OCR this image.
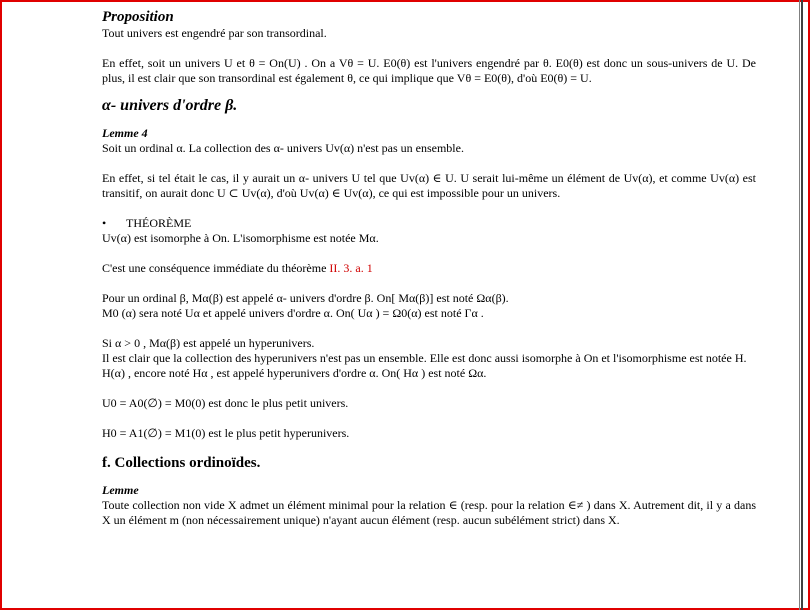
Proposition

Tout univers est engendré par son transordinal.

En effet, soit un univers U et θ = On(U) . On a Vθ = U. E0(θ) est l'univers engendré par θ. E0(θ) est donc un sous-univers de U. De plus, il est clair que son transordinal est également θ, ce qui implique que Vθ = E0(θ), d'où E0(θ) = U.

α- univers d'ordre β.

Lemme 4

Soit un ordinal α. La collection des α- univers Uv(α) n'est pas un ensemble.

En effet, si tel était le cas, il y aurait un α- univers U tel que Uv(α) ∈ U. U serait lui-même un élément de Uv(α), et comme Uv(α) est transitif, on aurait donc U ⊂ Uv(α), d'où Uv(α) ∈ Uv(α), ce qui est impossible pour un univers.

•	THÉORÈME

Uv(α) est isomorphe à On. L'isomorphisme est notée Mα.

C'est une conséquence immédiate du théorème II. 3. a. 1

Pour un ordinal β, Mα(β) est appelé α- univers d'ordre β. On[ Mα(β)] est noté Ωα(β).

M0 (α) sera noté Uα et appelé univers d'ordre α. On( Uα ) = Ω0(α) est noté Γα .

Si α > 0 , Mα(β) est appelé un hyperunivers.

Il est clair que la collection des hyperunivers n'est pas un ensemble. Elle est donc aussi isomorphe à On et l'isomorphisme est notée H.

H(α) , encore noté Hα , est appelé hyperunivers d'ordre α. On( Hα ) est noté Ωα.

U0 = A0(∅) = M0(0) est donc le plus petit univers.

H0 = A1(∅) = M1(0) est le plus petit hyperunivers.

f. Collections ordinoïdes.

Lemme

Toute collection non vide X admet un élément minimal pour la relation ∈ (resp. pour la relation ∈≠ ) dans X. Autrement dit, il y a dans X un élément m (non nécessairement unique) n'ayant aucun élément (resp. aucun subélément strict) dans X.
